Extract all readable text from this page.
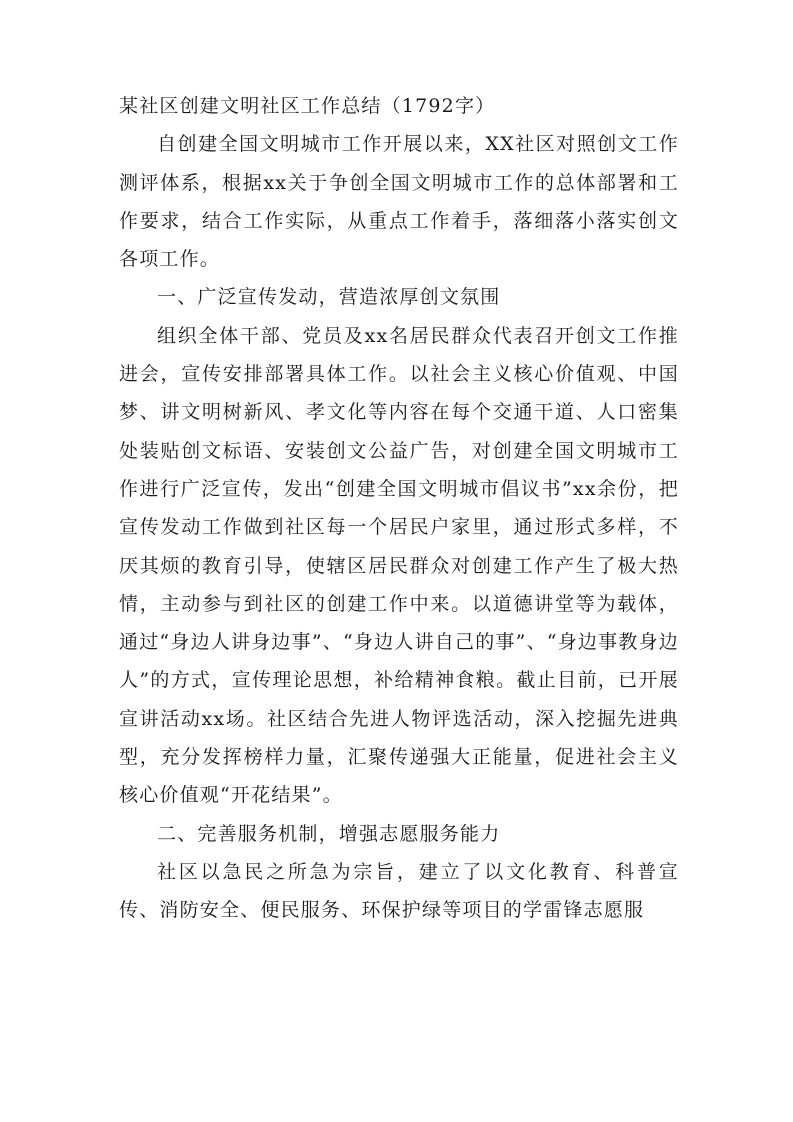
某社区创建文明社区工作总结（1792字）

自创建全国文明城市工作开展以来，XX社区对照创文工作测评体系，根据xx关于争创全国文明城市工作的总体部署和工作要求，结合工作实际，从重点工作着手，落细落小落实创文各项工作。

一、广泛宣传发动，营造浓厚创文氛围

组织全体干部、党员及xx名居民群众代表召开创文工作推进会，宣传安排部署具体工作。以社会主义核心价值观、中国梦、讲文明树新风、孝文化等内容在每个交通干道、人口密集处装贴创文标语、安装创文公益广告，对创建全国文明城市工作进行广泛宣传，发出“创建全国文明城市倡议书”xx余份，把宣传发动工作做到社区每一个居民户家里，通过形式多样，不厌其烦的教育引导，使辖区居民群众对创建工作产生了极大热情，主动参与到社区的创建工作中来。以道德讲堂等为载体，通过“身边人讲身边事”、“身边人讲自己的事”、“身边事教身边人”的方式，宣传理论思想，补给精神食粮。截止目前，已开展宣讲活动xx场。社区结合先进人物评选活动，深入挖掘先进典型，充分发挥榜样力量，汇聚传递强大正能量，促进社会主义核心价值观“开花结果”。

二、完善服务机制，增强志愿服务能力

社区以急民之所急为宗旨，建立了以文化教育、科普宣传、消防安全、便民服务、环保护绿等项目的学雷锋志愿服
